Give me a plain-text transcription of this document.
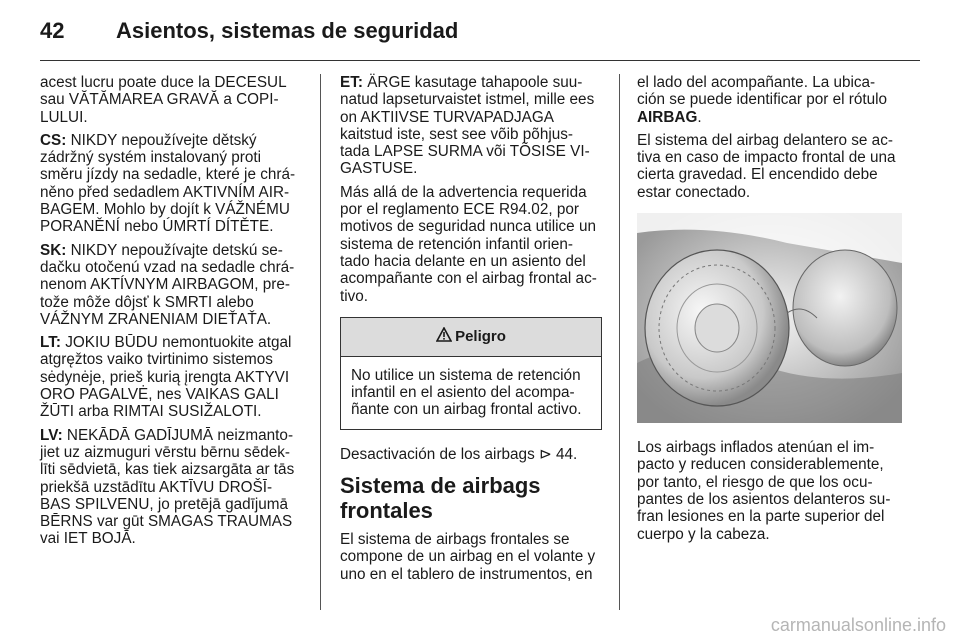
42 Asientos, sistemas de seguridad

acest lucru poate duce la DECESUL sau VĂTĂMAREA GRAVĂ a COPI-LULUI.

CS: NIKDY nepoužívejte dětský zádržný systém instalovaný proti směru jízdy na sedadle, které je chrá-něno před sedadlem AKTIVNÍM AIR-BAGEM. Mohlo by dojít k VÁŽNÉMU PORANĚNÍ nebo ÚMRTÍ DÍTĚTE.

SK: NIKDY nepoužívajte detskú se-dačku otočenú vzad na sedadle chrá-nenom AKTÍVNYM AIRBAGOM, pre-tože môže dôjsť k SMRTI alebo VÁŽNYM ZRANENIAM DIEŤAŤA.

LT: JOKIU BŪDU nemontuokite atgal atgręžtos vaiko tvirtinimo sistemos sėdynėje, prieš kurią įrengta AKTYVI ORO PAGALVĖ, nes VAIKAS GALI ŽŪTI arba RIMTAI SUSIŽALOTI.

LV: NEKĀDĀ GADĪJUMĀ neizmanto-jiet uz aizmuguri vērstu bērnu sēdek-līti sēdvietā, kas tiek aizsargāta ar tās priekšā uzstādītu AKTĪVU DROŠĪ-BAS SPILVENU, jo pretējā gadījumā BĒRNS var gūt SMAGAS TRAUMAS vai IET BOJĀ.

ET: ÄRGE kasutage tahapoole suu-natud lapseturvaistet istmel, mille ees on AKTIIVSE TURVAPADJAGA kaitstud iste, sest see võib põhjus-tada LAPSE SURMA või TÕSISE VI-GASTUSE.

Más allá de la advertencia requerida por el reglamento ECE R94.02, por motivos de seguridad nunca utilice un sistema de retención infantil orien-tado hacia delante en un asiento del acompañante con el airbag frontal ac-tivo.

Peligro
No utilice un sistema de retención infantil en el asiento del acompa-ñante con un airbag frontal activo.

Desactivación de los airbags ⊳ 44.

Sistema de airbags frontales

El sistema de airbags frontales se compone de un airbag en el volante y uno en el tablero de instrumentos, en

el lado del acompañante. La ubica-ción se puede identificar por el rótulo AIRBAG.

El sistema del airbag delantero se ac-tiva en caso de impacto frontal de una cierta gravedad. El encendido debe estar conectado.

Los airbags inflados atenúan el im-pacto y reducen considerablemente, por tanto, el riesgo de que los ocu-pantes de los asientos delanteros su-fran lesiones en la parte superior del cuerpo y la cabeza.

carmanualsonline.info
